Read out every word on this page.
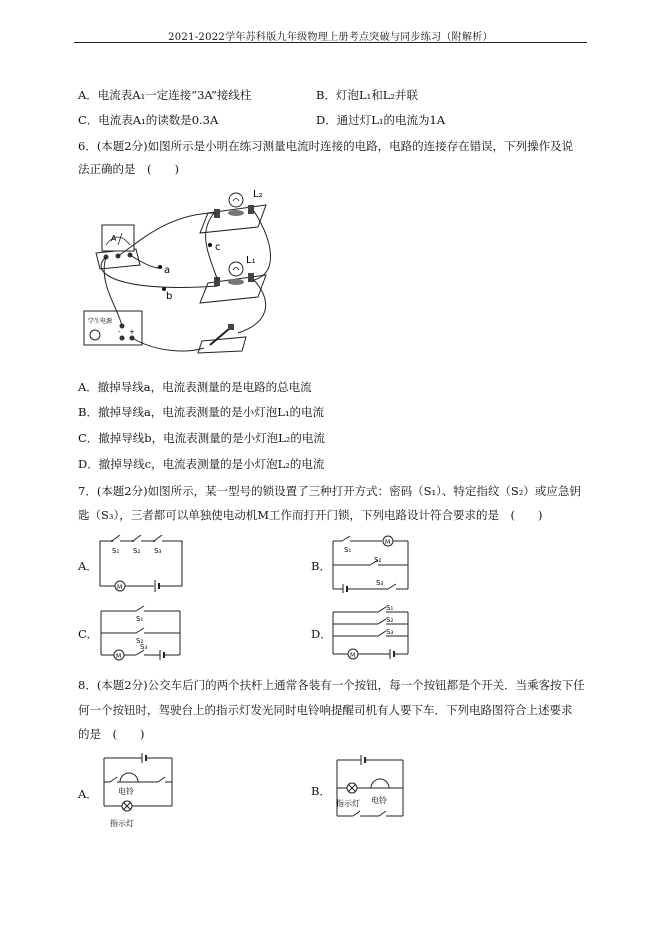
2021-2022学年苏科版九年级物理上册考点突破与同步练习（附解析）
A．电流表A₁一定连接“3A”接线柱	B．灯泡L₁和L₂并联
C．电流表A₁的读数是0.3A	D．通过灯L₁的电流为1A
6．(本题2分)如图所示是小明在练习测量电流时连接的电路，电路的连接存在错误，下列操作及说
法正确的是　(　　)
L₂
L₁
A
学生电源
- +
a
b
c
A．撤掉导线a，电流表测量的是电路的总电流
B．撤掉导线a，电流表测量的是小灯泡L₁的电流
C．撤掉导线b，电流表测量的是小灯泡L₂的电流
D．撤掉导线c，电流表测量的是小灯泡L₂的电流
7．(本题2分)如图所示，某一型号的锁设置了三种打开方式：密码（S₁）、特定指纹（S₂）或应急钥
匙（S₃），三者都可以单独使电动机M工作而打开门锁，下列电路设计符合要求的是　(　　)
A．
S₁ S₂ S₃
M
B．
M
S₁
S₂
S₃
C．
S₁
S₂
M
S₃
D．
S₁
S₂
S₃
M
8．(本题2分)公交车后门的两个扶杆上通常各装有一个按钮，每一个按钮都是个开关．当乘客按下任
何一个按钮时，驾驶台上的指示灯发光同时电铃响提醒司机有人要下车．下列电路图符合上述要求
的是　(　　)
A．	电铃
指示灯
B．
指示灯 电铃
